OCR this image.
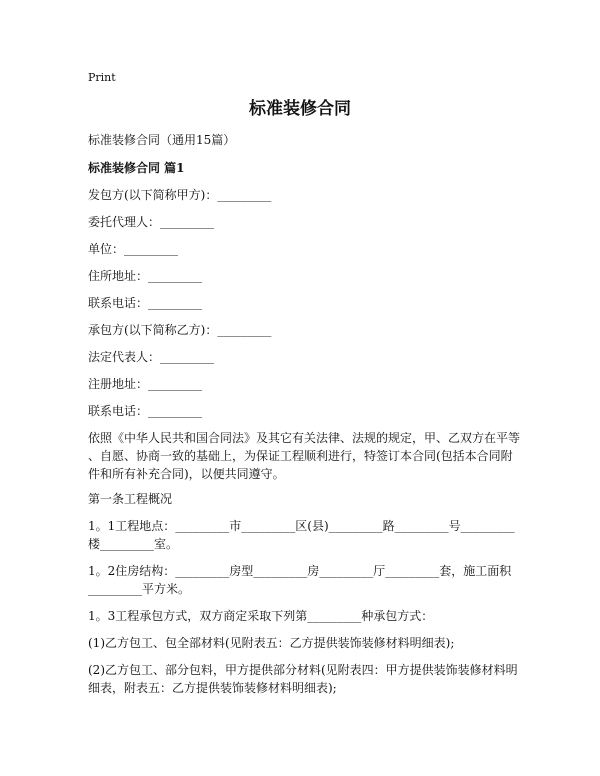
Print
标准装修合同
标准装修合同（通用15篇）
标准装修合同 篇1
发包方(以下简称甲方)：_________
委托代理人：_________
单位：_________
住所地址：_________
联系电话：_________
承包方(以下简称乙方)：_________
法定代表人：_________
注册地址：_________
联系电话：_________
依照《中华人民共和国合同法》及其它有关法律、法规的规定，甲、乙双方在平等
、自愿、协商一致的基础上，为保证工程顺利进行，特签订本合同(包括本合同附
件和所有补充合同)，以便共同遵守。
第一条工程概况
1。1工程地点：_________市_________区(县)_________路_________号_________
楼_________室。
1。2住房结构：_________房型_________房_________厅_________套，施工面积
_________平方米。
1。3工程承包方式，双方商定采取下列第_________种承包方式：
(1)乙方包工、包全部材料(见附表五：乙方提供装饰装修材料明细表);
(2)乙方包工、部分包料，甲方提供部分材料(见附表四：甲方提供装饰装修材料明
细表，附表五：乙方提供装饰装修材料明细表);
